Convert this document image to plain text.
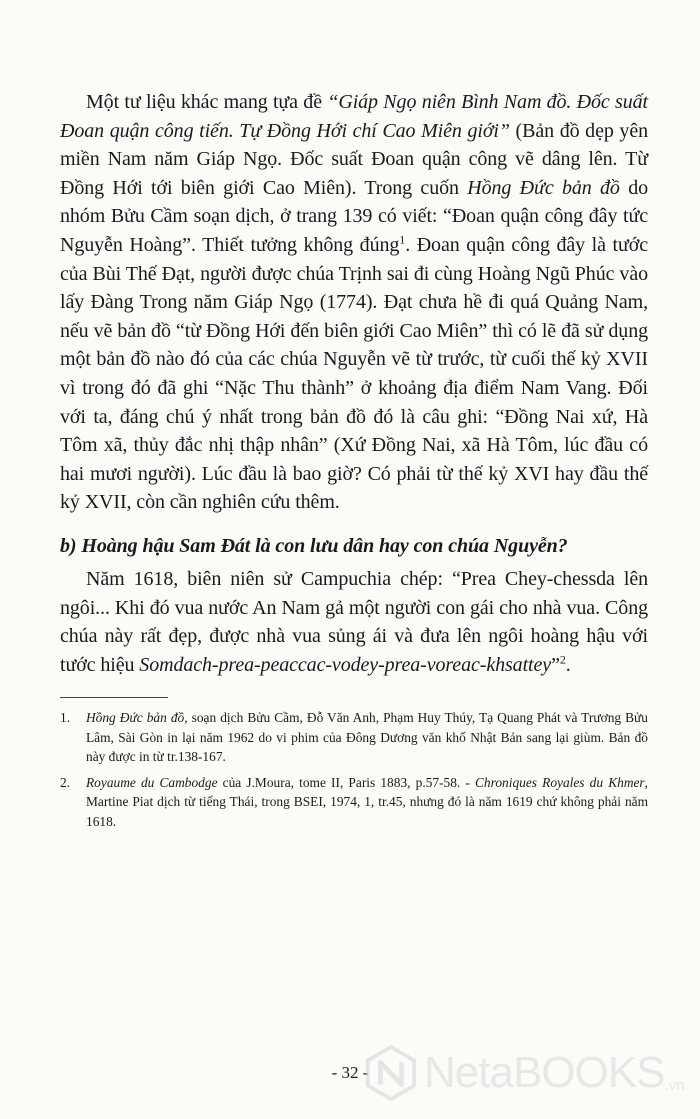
Một tư liệu khác mang tựa đề “Giáp Ngọ niên Bình Nam đồ. Đốc suất Đoan quận công tiến. Tự Đồng Hới chí Cao Miên giới” (Bản đồ dẹp yên miền Nam năm Giáp Ngọ. Đốc suất Đoan quận công vẽ dâng lên. Từ Đồng Hới tới biên giới Cao Miên). Trong cuốn Hồng Đức bản đồ do nhóm Bửu Cầm soạn dịch, ở trang 139 có viết: “Đoan quận công đây tức Nguyễn Hoàng”. Thiết tưởng không đúng$^1$. Đoan quận công đây là tước của Bùi Thế Đạt, người được chúa Trịnh sai đi cùng Hoàng Ngũ Phúc vào lấy Đàng Trong năm Giáp Ngọ (1774). Đạt chưa hề đi quá Quảng Nam, nếu vẽ bản đồ “từ Đồng Hới đến biên giới Cao Miên” thì có lẽ đã sử dụng một bản đồ nào đó của các chúa Nguyễn vẽ từ trước, từ cuối thế kỷ XVII vì trong đó đã ghi “Nặc Thu thành” ở khoảng địa điểm Nam Vang. Đối với ta, đáng chú ý nhất trong bản đồ đó là câu ghi: “Đồng Nai xứ, Hà Tôm xã, thủy đắc nhị thập nhân” (Xứ Đồng Nai, xã Hà Tôm, lúc đầu có hai mươi người). Lúc đầu là bao giờ? Có phải từ thế kỷ XVI hay đầu thế kỷ XVII, còn cần nghiên cứu thêm.

b) Hoàng hậu Sam Đát là con lưu dân hay con chúa Nguyễn?

Năm 1618, biên niên sử Campuchia chép: “Prea Chey-chessda lên ngôi... Khi đó vua nước An Nam gả một người con gái cho nhà vua. Công chúa này rất đẹp, được nhà vua sủng ái và đưa lên ngôi hoàng hậu với tước hiệu Somdach-prea-peaccac-vodey-prea-voreac-khsattey”$^2$.

1.	Hồng Đức bản đồ, soạn dịch Bửu Cầm, Đỗ Văn Anh, Phạm Huy Thúy, Tạ Quang Phát và Trương Bửu Lâm, Sài Gòn in lại năm 1962 do vi phim của Đông Dương văn khố Nhật Bản sang lại giùm. Bản đồ này được in từ tr.138-167.
2.	Royaume du Cambodge của J.Moura, tome II, Paris 1883, p.57-58. - Chroniques Royales du Khmer, Martine Piat dịch từ tiếng Thái, trong BSEI, 1974, 1, tr.45, nhưng đó là năm 1619 chứ không phải năm 1618.
- 32 -	NetaBOOKS .vn
